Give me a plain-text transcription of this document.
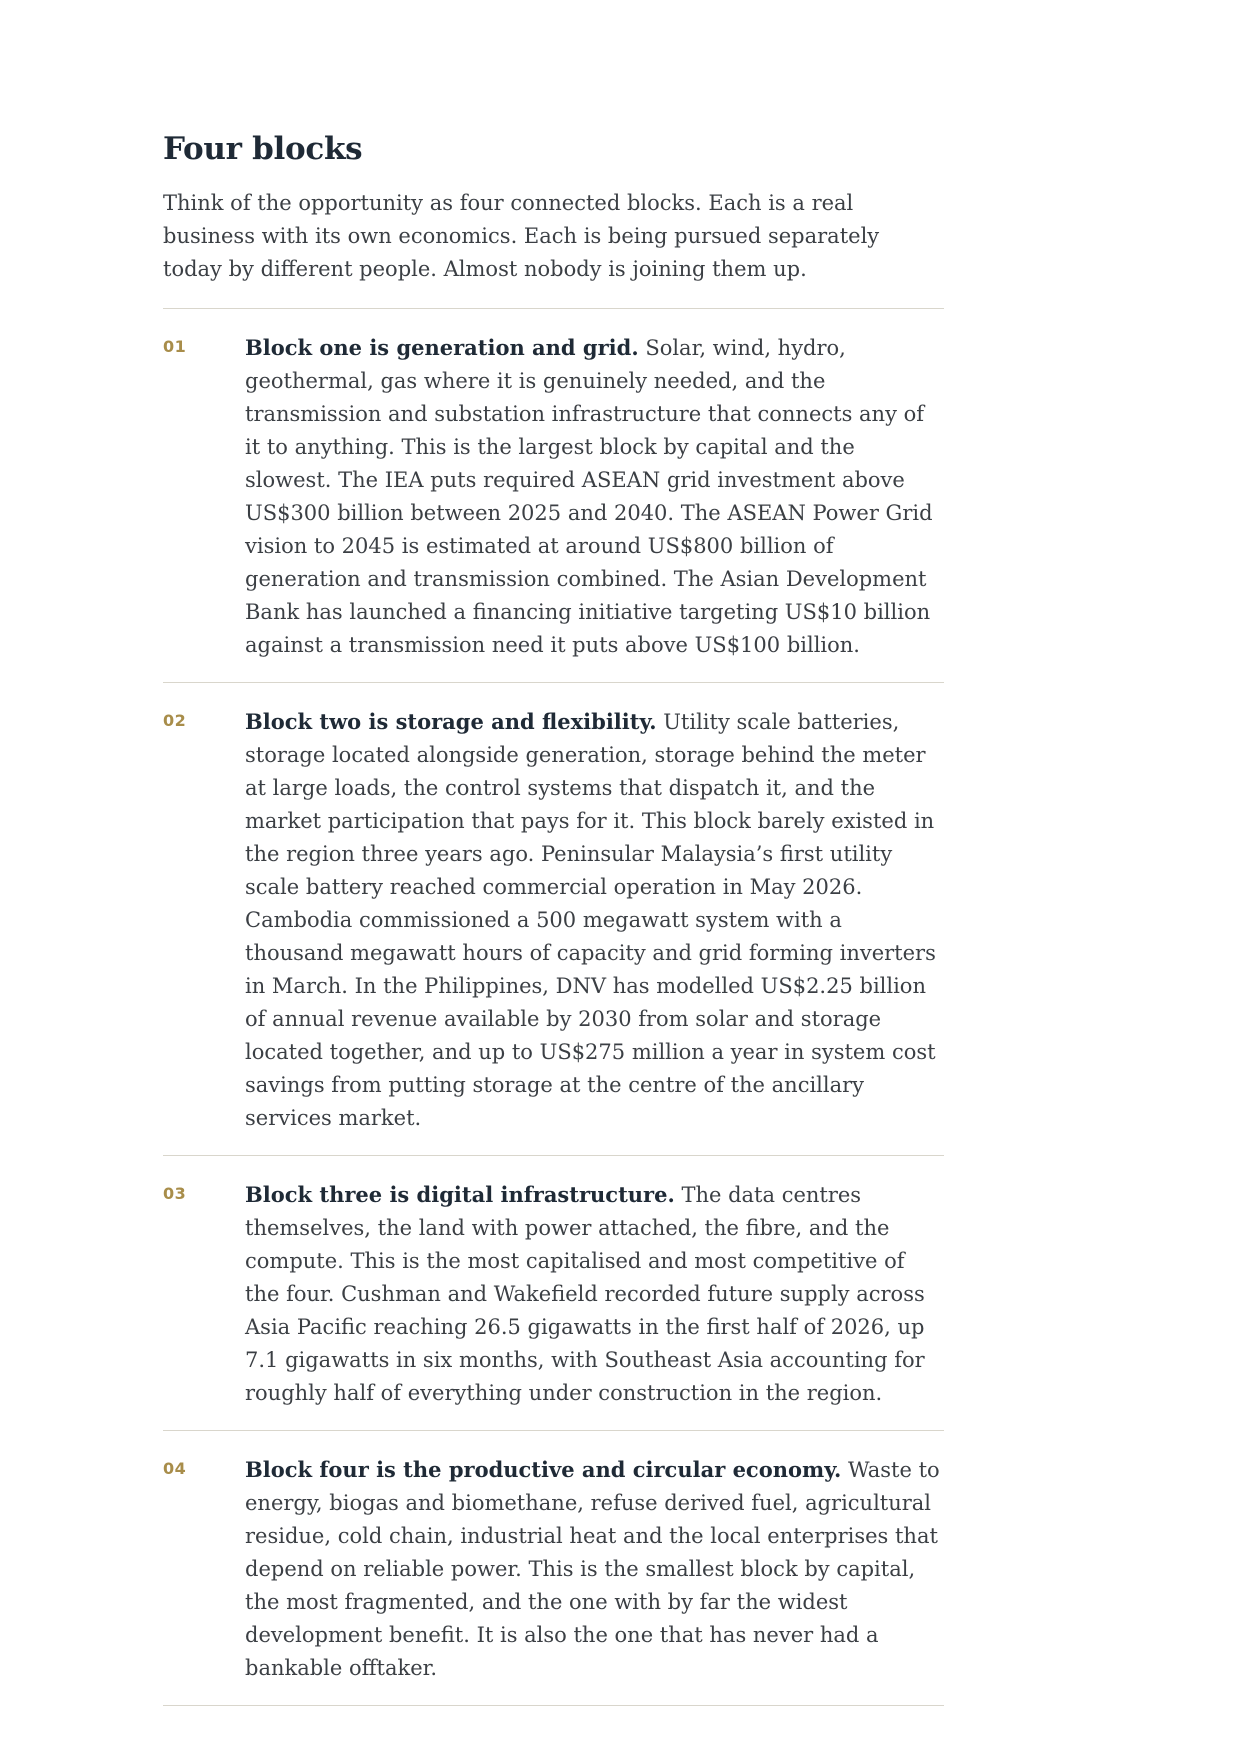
Four blocks

Think of the opportunity as four connected blocks. Each is a real business with its own economics. Each is being pursued separately today by different people. Almost nobody is joining them up.

01	Block one is generation and grid. Solar, wind, hydro, geothermal, gas where it is genuinely needed, and the transmission and substation infrastructure that connects any of it to anything. This is the largest block by capital and the slowest. The IEA puts required ASEAN grid investment above US$300 billion between 2025 and 2040. The ASEAN Power Grid vision to 2045 is estimated at around US$800 billion of generation and transmission combined. The Asian Development Bank has launched a financing initiative targeting US$10 billion against a transmission need it puts above US$100 billion.

02	Block two is storage and flexibility. Utility scale batteries, storage located alongside generation, storage behind the meter at large loads, the control systems that dispatch it, and the market participation that pays for it. This block barely existed in the region three years ago. Peninsular Malaysia’s first utility scale battery reached commercial operation in May 2026. Cambodia commissioned a 500 megawatt system with a thousand megawatt hours of capacity and grid forming inverters in March. In the Philippines, DNV has modelled US$2.25 billion of annual revenue available by 2030 from solar and storage located together, and up to US$275 million a year in system cost savings from putting storage at the centre of the ancillary services market.

03	Block three is digital infrastructure. The data centres themselves, the land with power attached, the fibre, and the compute. This is the most capitalised and most competitive of the four. Cushman and Wakefield recorded future supply across Asia Pacific reaching 26.5 gigawatts in the first half of 2026, up 7.1 gigawatts in six months, with Southeast Asia accounting for roughly half of everything under construction in the region.

04	Block four is the productive and circular economy. Waste to energy, biogas and biomethane, refuse derived fuel, agricultural residue, cold chain, industrial heat and the local enterprises that depend on reliable power. This is the smallest block by capital, the most fragmented, and the one with by far the widest development benefit. It is also the one that has never had a bankable offtaker.
